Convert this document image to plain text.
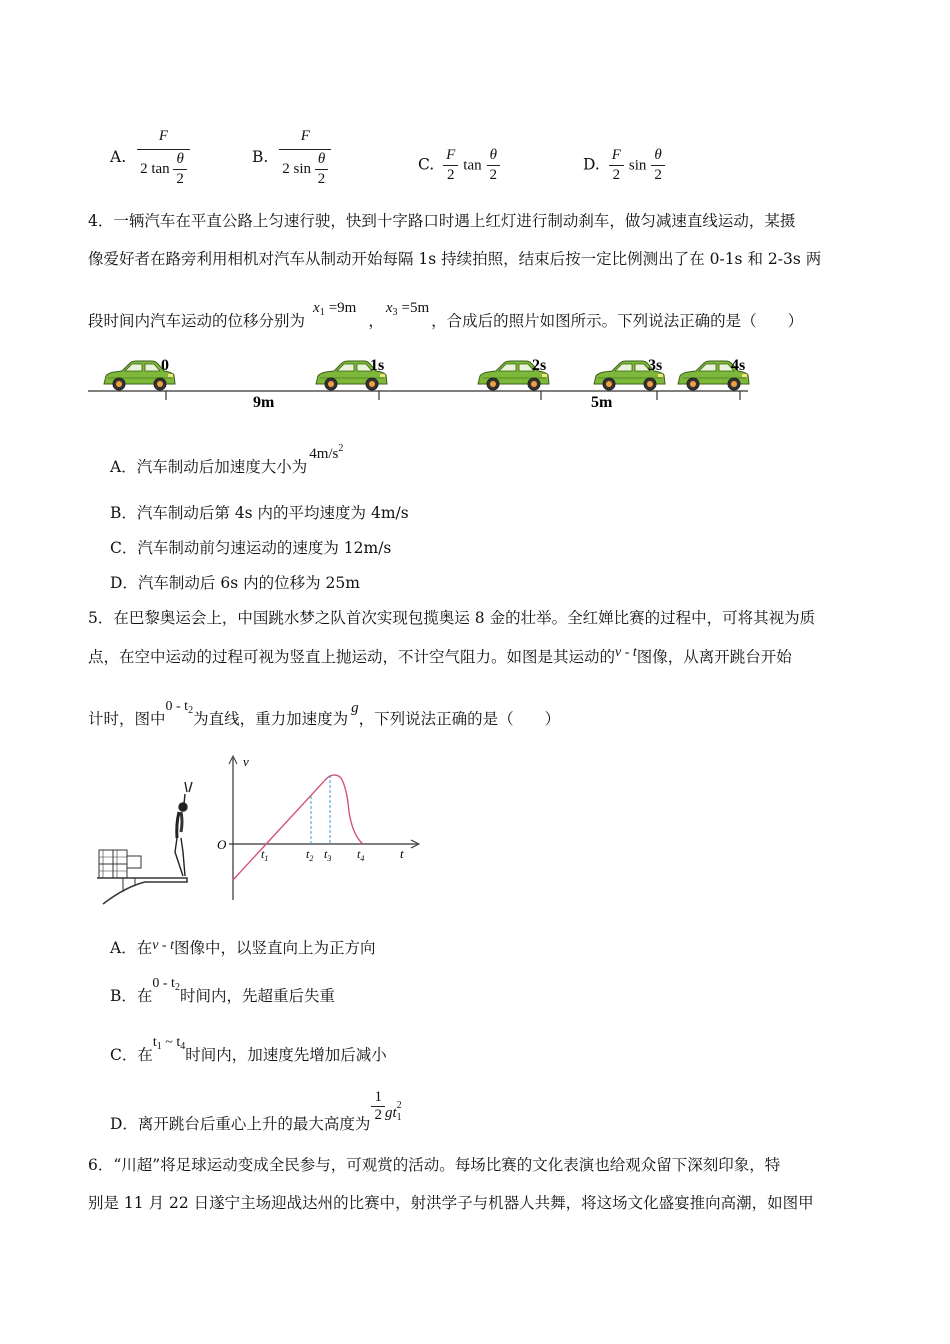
A. $\frac{F}{2 \tan \frac{\theta}{2}}$	B. $\frac{F}{2 \sin \frac{\theta}{2}}$	C. $\frac{F}{2}$ $\tan \frac{\theta}{2}$	D. $\frac{F}{2}$ $\sin \frac{\theta}{2}$
4．一辆汽车在平直公路上匀速行驶，快到十字路口时遇上红灯进行制动刹车，做匀减速直线运动，某摄
像爱好者在路旁利用相机对汽车从制动开始每隔 1s 持续拍照，结束后按一定比例测出了在 0-1s 和 2-3s 两
段时间内汽车运动的位移分别为$x_1 =9m$，$x_3 =5m$，合成后的照片如图所示。下列说法正确的是（　　）
0	1s	2s	3s	4s
9m	5m
A．汽车制动后加速度大小为$4m/s^2$
B．汽车制动后第 4s 内的平均速度为 4m/s
C．汽车制动前匀速运动的速度为 12m/s
D．汽车制动后 6s 内的位移为 25m
5．在巴黎奥运会上，中国跳水梦之队首次实现包揽奥运 8 金的壮举。全红婵比赛的过程中，可将其视为质
点，在空中运动的过程可视为竖直上抛运动，不计空气阻力。如图是其运动的v - t图像，从离开跳台开始
计时，图中$0 - t_2$为直线，重力加速度为g，下列说法正确的是（　　）
v
t
O
$t_1$	$t_2$ $t_3$ $t_4$
A．在v - t图像中，以竖直向上为正方向
B．在$0 - t_2$时间内，先超重后失重
C．在$t_1$ ~ $t_4$时间内，加速度先增加后减小
D．离开跳台后重心上升的最大高度为
$\frac{1}{2} gt_1^2$
6．“川超”将足球运动变成全民参与，可观赏的活动。每场比赛的文化表演也给观众留下深刻印象，特
别是 11 月 22 日遂宁主场迎战达州的比赛中，射洪学子与机器人共舞，将这场文化盛宴推向高潮，如图甲
